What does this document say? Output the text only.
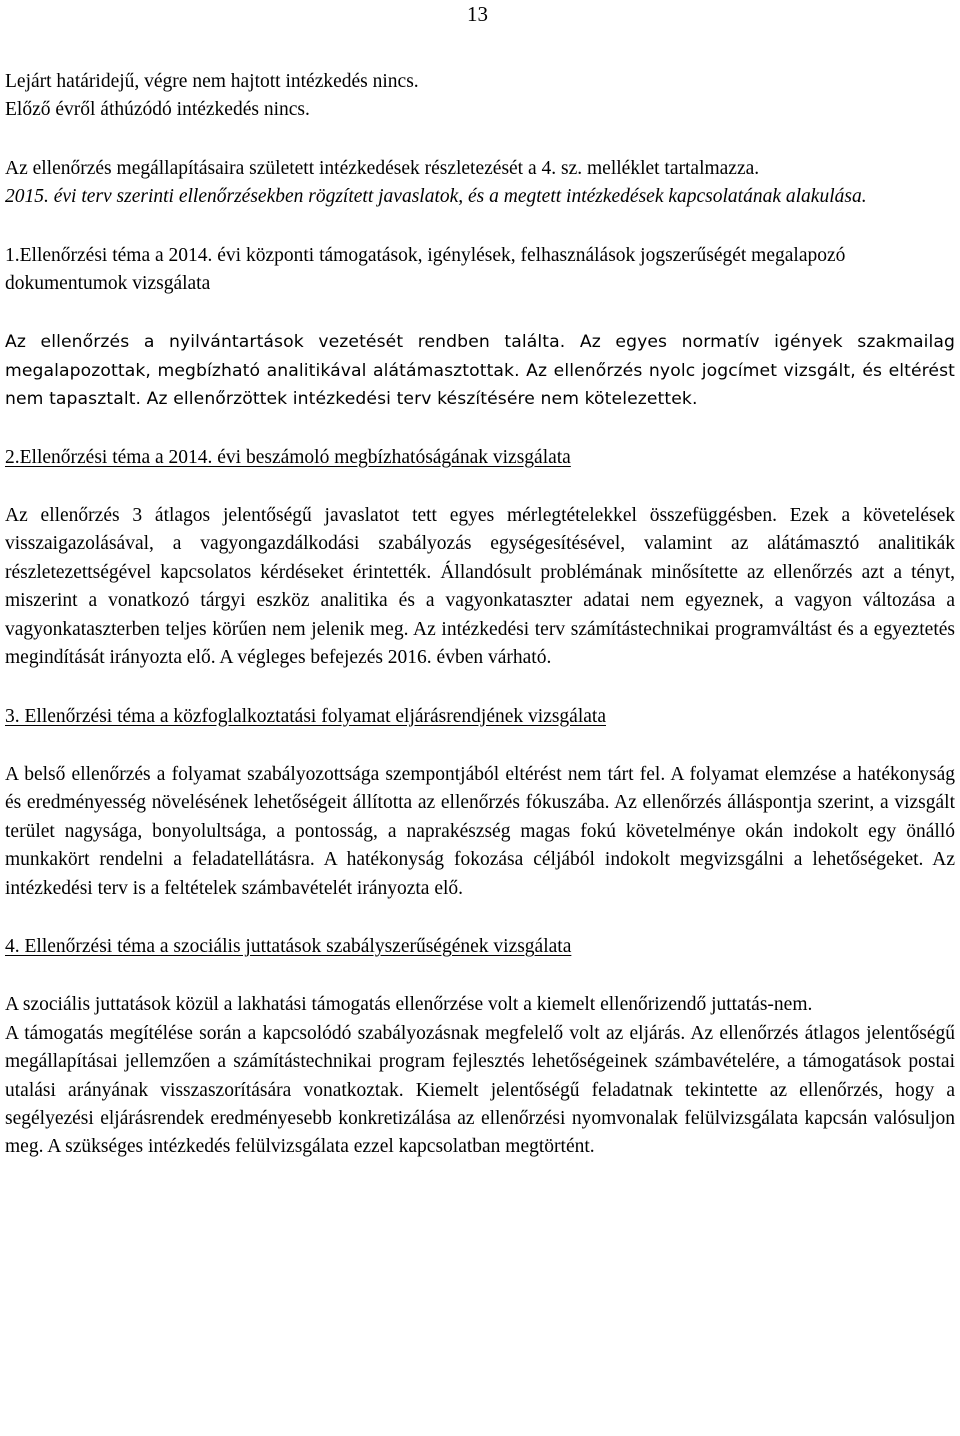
13

Lejárt határidejű, végre nem hajtott intézkedés nincs.

Előző évről áthúzódó intézkedés nincs.

Az ellenőrzés megállapításaira született intézkedések részletezését a 4. sz. melléklet tartalmazza.

2015. évi terv szerinti ellenőrzésekben rögzített javaslatok, és a megtett intézkedések kapcsolatának alakulása.

1.Ellenőrzési téma a 2014. évi központi támogatások, igénylések, felhasználások jogszerűségét megalapozó dokumentumok vizsgálata

Az ellenőrzés a nyilvántartások vezetését rendben találta. Az egyes normatív igények szakmailag megalapozottak, megbízható analitikával alátámasztottak. Az ellenőrzés nyolc jogcímet vizsgált, és eltérést nem tapasztalt. Az ellenőrzöttek intézkedési terv készítésére nem kötelezettek.

2.Ellenőrzési téma a 2014. évi beszámoló megbízhatóságának vizsgálata

Az ellenőrzés 3 átlagos jelentőségű javaslatot tett egyes mérlegtételekkel összefüggésben. Ezek a követelések visszaigazolásával, a vagyongazdálkodási szabályozás egységesítésével, valamint az alátámasztó analitikák részletezettségével kapcsolatos kérdéseket érintették. Állandósult problémának minősítette az ellenőrzés azt a tényt, miszerint a vonatkozó tárgyi eszköz analitika és a vagyonkataszter adatai nem egyeznek, a vagyon változása a vagyonkataszterben teljes körűen nem jelenik meg. Az intézkedési terv számítástechnikai programváltást és a egyeztetés megindítását irányozta elő. A végleges befejezés 2016. évben várható.

3. Ellenőrzési téma a közfoglalkoztatási folyamat eljárásrendjének vizsgálata

A belső ellenőrzés a folyamat szabályozottsága szempontjából eltérést nem tárt fel. A folyamat elemzése a hatékonyság és eredményesség növelésének lehetőségeit állította az ellenőrzés fókuszába. Az ellenőrzés álláspontja szerint, a vizsgált terület nagysága, bonyolultsága, a pontosság, a naprakészség magas fokú követelménye okán indokolt egy önálló munkakört rendelni a feladatellátásra. A hatékonyság fokozása céljából indokolt megvizsgálni a lehetőségeket. Az intézkedési terv is a feltételek számbavételét irányozta elő.

4. Ellenőrzési téma a szociális juttatások szabályszerűségének vizsgálata

A szociális juttatások közül a lakhatási támogatás ellenőrzése volt a kiemelt ellenőrizendő juttatás-nem.

A támogatás megítélése során a kapcsolódó szabályozásnak megfelelő volt az eljárás. Az ellenőrzés átlagos jelentőségű megállapításai jellemzően a számítástechnikai program fejlesztés lehetőségeinek számbavételére, a támogatások postai utalási arányának visszaszorítására vonatkoztak. Kiemelt jelentőségű feladatnak tekintette az ellenőrzés, hogy a segélyezési eljárásrendek eredményesebb konkretizálása az ellenőrzési nyomvonalak felülvizsgálata kapcsán valósuljon meg. A szükséges intézkedés felülvizsgálata ezzel kapcsolatban megtörtént.
